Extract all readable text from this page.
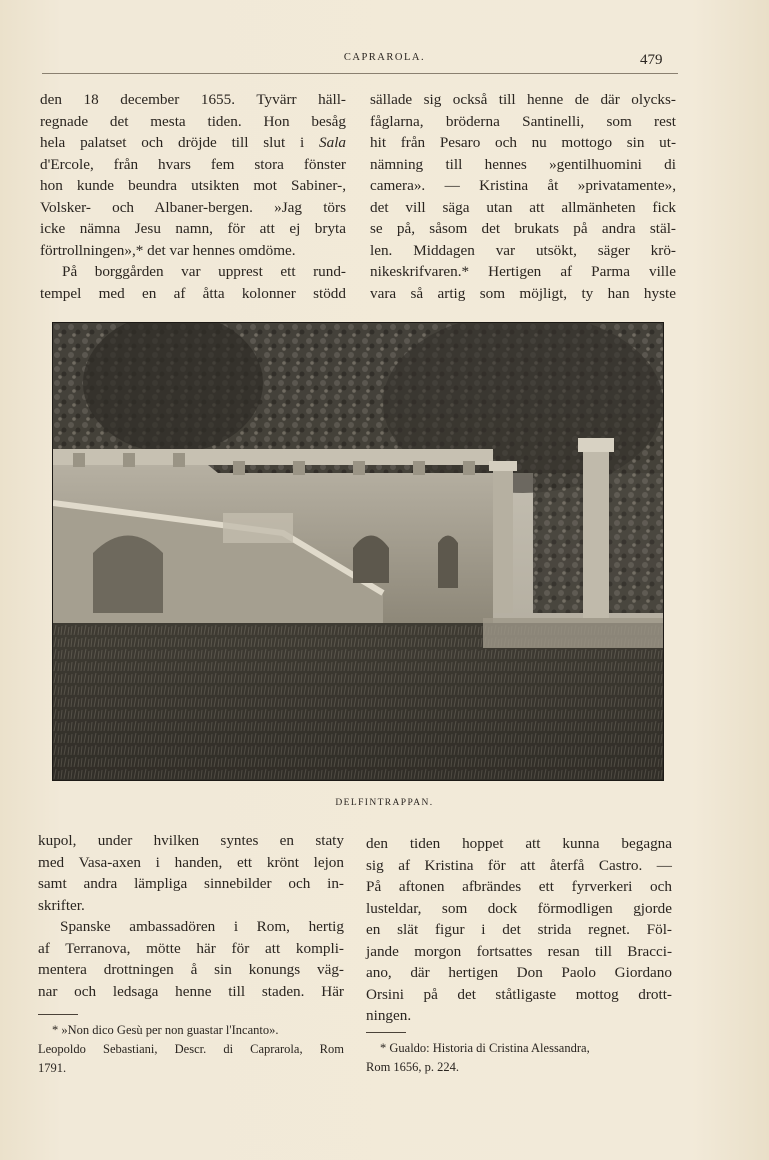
CAPRAROLA.	479
den 18 december 1655. Tyvärr häll-
regnade det mesta tiden. Hon besåg
hela palatset och dröjde till slut i Sala
d'Ercole, från hvars fem stora fönster
hon kunde beundra utsikten mot Sabiner-,
Volsker- och Albaner-bergen. »Jag törs
icke nämna Jesu namn, för att ej bryta
förtrollningen»,* det var hennes omdöme.
På borggården var upprest ett rund-
tempel med en af åtta kolonner stödd
sällade sig också till henne de där olycks-
fåglarna, bröderna Santinelli, som rest
hit från Pesaro och nu mottogo sin ut-
nämning till hennes »gentilhuomini di
camera». — Kristina åt »privatamente»,
det vill säga utan att allmänheten fick
se på, såsom det brukats på andra stäl-
len. Middagen var utsökt, säger krö-
nikeskrifvaren.* Hertigen af Parma ville
vara så artig som möjligt, ty han hyste
DELFINTRAPPAN.
kupol, under hvilken syntes en staty
med Vasa-axen i handen, ett krönt lejon
samt andra lämpliga sinnebilder och in-
skrifter.
Spanske ambassadören i Rom, hertig
af Terranova, mötte här för att kompli-
mentera drottningen å sin konungs väg-
nar och ledsaga henne till staden. Här
den tiden hoppet att kunna begagna
sig af Kristina för att återfå Castro. —
På aftonen afbrändes ett fyrverkeri och
lusteldar, som dock förmodligen gjorde
en slät figur i det strida regnet. Föl-
jande morgon fortsattes resan till Bracci-
ano, där hertigen Don Paolo Giordano
Orsini på det ståtligaste mottog drott-
ningen.
* »Non dico Gesù per non guastar l'Incanto».
Leopoldo Sebastiani, Descr. di Caprarola, Rom
1791.
* Gualdo: Historia di Cristina Alessandra,
Rom 1656, p. 224.
